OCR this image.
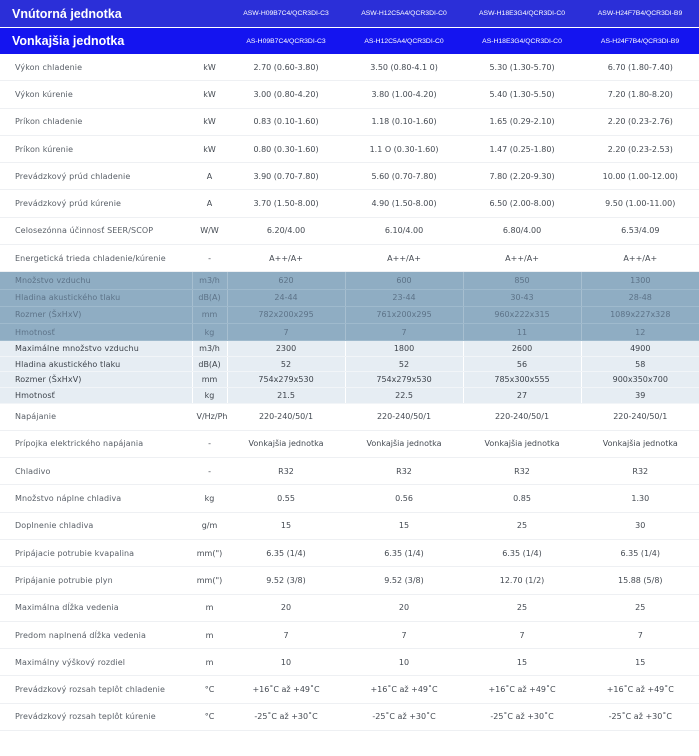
Vnútorná jednotka		ASW-H09B7C4/QCR3DI-C3	ASW-H12C5A4/QCR3DI-C0	ASW-H18E3G4/QCR3DI-C0	ASW-H24F7B4/QCR3DI-B9
Vonkajšia jednotka		AS-H09B7C4/QCR3DI-C3	AS-H12C5A4/QCR3DI-C0	AS-H18E3G4/QCR3DI-C0	AS-H24F7B4/QCR3DI-B9
Výkon chladenie	kW	2.70 (0.60-3.80)	3.50 (0.80-4.1 0)	5.30 (1.30-5.70)	6.70 (1.80-7.40)
Výkon kúrenie	kW	3.00 (0.80-4.20)	3.80 (1.00-4.20)	5.40 (1.30-5.50)	7.20 (1.80-8.20)
Príkon chladenie	kW	0.83 (0.10-1.60)	1.18 (0.10-1.60)	1.65 (0.29-2.10)	2.20 (0.23-2.76)
Príkon kúrenie	kW	0.80 (0.30-1.60)	1.1 O (0.30-1.60)	1.47 (0.25-1.80)	2.20 (0.23-2.53)
Prevádzkový prúd chladenie	A	3.90 (0.70-7.80)	5.60 (0.70-7.80)	7.80 (2.20-9.30)	10.00 (1.00-12.00)
Prevádzkový prúd kúrenie	A	3.70 (1.50-8.00)	4.90 (1.50-8.00)	6.50 (2.00-8.00)	9.50 (1.00-11.00)
Celosezónna účinnosť SEER/SCOP	W/W	6.20/4.00	6.10/4.00	6.80/4.00	6.53/4.09
Energetická trieda chladenie/kúrenie	-	A++/A+	A++/A+	A++/A+	A++/A+
Množstvo vzduchu	m3/h	620	600	850	1300
Hladina akustického tlaku	dB(A)	24-44	23-44	30-43	28-48
Rozmer (ŠxHxV)	mm	782x200x295	761x200x295	960x222x315	1089x227x328
Hmotnosť	kg	7	7	11	12
Maximálne množstvo vzduchu	m3/h	2300	1800	2600	4900
Hladina akustického tlaku	dB(A)	52	52	56	58
Rozmer (ŠxHxV)	mm	754x279x530	754x279x530	785x300x555	900x350x700
Hmotnosť	kg	21.5	22.5	27	39
Napájanie	V/Hz/Ph	220-240/50/1	220-240/50/1	220-240/50/1	220-240/50/1
Prípojka elektrického napájania	-	Vonkajšia jednotka	Vonkajšia jednotka	Vonkajšia jednotka	Vonkajšia jednotka
Chladivo	-	R32	R32	R32	R32
Množstvo náplne chladiva	kg	0.55	0.56	0.85	1.30
Doplnenie chladiva	g/m	15	15	25	30
Pripájacie potrubie kvapalina	mm(")	6.35 (1/4)	6.35 (1/4)	6.35 (1/4)	6.35 (1/4)
Pripájanie potrubie plyn	mm(")	9.52 (3/8)	9.52 (3/8)	12.70 (1/2)	15.88 (5/8)
Maximálna dĺžka vedenia	m	20	20	25	25
Predom naplnená dĺžka vedenia	m	7	7	7	7
Maximálny výškový rozdiel	m	10	10	15	15
Prevádzkový rozsah teplôt chladenie	°C	+16˚C až +49˚C	+16˚C až +49˚C	+16˚C až +49˚C	+16˚C až +49˚C
Prevádzkový rozsah teplôt kúrenie	°C	-25˚C až +30˚C	-25˚C až +30˚C	-25˚C až +30˚C	-25˚C až +30˚C
